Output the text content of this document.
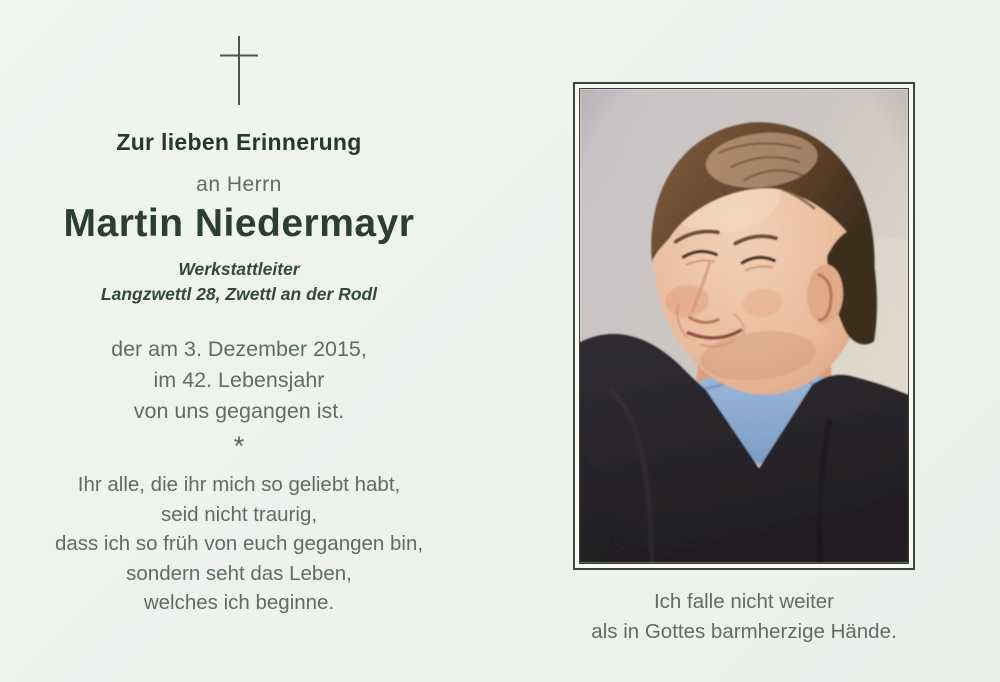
Zur lieben Erinnerung
an Herrn
Martin Niedermayr
Werkstattleiter
Langzwettl 28, Zwettl an der Rodl
der am 3. Dezember 2015,
im 42. Lebensjahr
von uns gegangen ist.
*
Ihr alle, die ihr mich so geliebt habt,
seid nicht traurig,
dass ich so früh von euch gegangen bin,
sondern seht das Leben,
welches ich beginne.	Ich falle nicht weiter
als in Gottes barmherzige Hände.
